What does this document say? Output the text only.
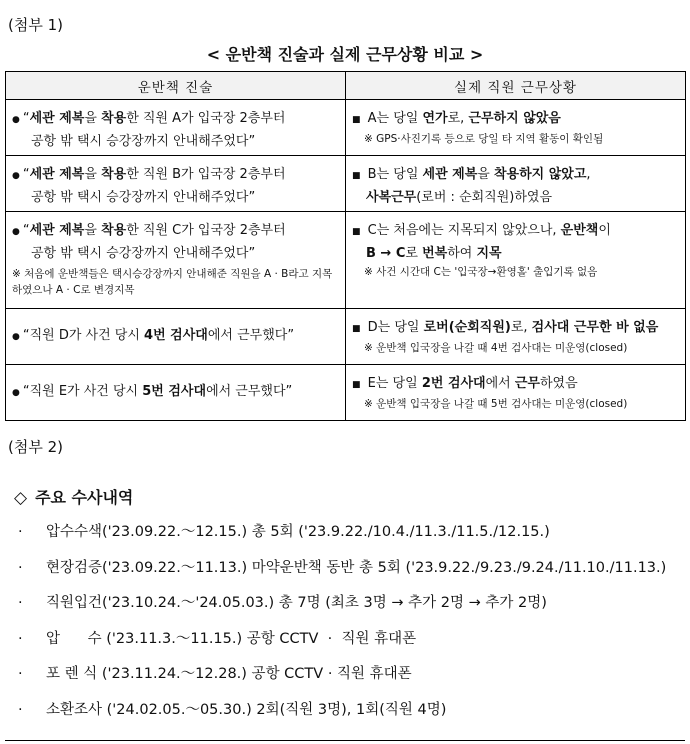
(첨부 1)
< 운반책 진술과 실제 근무상황 비교 >
운반책 진술	실제 직원 근무상황
● “세관 제복을 착용한 직원 A가 입국장 2층부터
공항 밖 택시 승강장까지 안내해주었다”	■ A는 당일 연가로, 근무하지 않았음
※ GPS·사진기록 등으로 당일 타 지역 활동이 확인됨

● “세관 제복을 착용한 직원 B가 입국장 2층부터
공항 밖 택시 승강장까지 안내해주었다”	■ B는 당일 세관 제복을 착용하지 않았고,
사복근무(로버 : 순회직원)하였음

● “세관 제복을 착용한 직원 C가 입국장 2층부터
공항 밖 택시 승강장까지 안내해주었다”
※ 처음에 운반책들은 택시승강장까지 안내해준 직원을 A · B라고 지목하였으나 A · C로 변경지목	■ C는 처음에는 지목되지 않았으나, 운반책이
B → C로 번복하여 지목
※ 사건 시간대 C는 '입국장→환영홀' 출입기록 없음

● “직원 D가 사건 당시 4번 검사대에서 근무했다”	■ D는 당일 로버(순회직원)로, 검사대 근무한 바 없음
※ 운반책 입국장을 나갈 때 4번 검사대는 미운영(closed)

● “직원 E가 사건 당시 5번 검사대에서 근무했다”	■ E는 당일 2번 검사대에서 근무하였음
※ 운반책 입국장을 나갈 때 5번 검사대는 미운영(closed)
(첨부 2)
◇ 주요 수사내역
· 압수수색('23.09.22.～12.15.) 총 5회 ('23.9.22./10.4./11.3./11.5./12.15.)
· 현장검증('23.09.22.～11.13.) 마약운반책 동반 총 5회 ('23.9.22./9.23./9.24./11.10./11.13.)
· 직원입건('23.10.24.～'24.05.03.) 총 7명 (최초 3명 → 추가 2명 → 추가 2명)
· 압      수 ('23.11.3.～11.15.) 공항 CCTV  ·  직원 휴대폰
· 포 렌 식 ('23.11.24.～12.28.) 공항 CCTV · 직원 휴대폰
· 소환조사 ('24.02.05.～05.30.) 2회(직원 3명), 1회(직원 4명)
